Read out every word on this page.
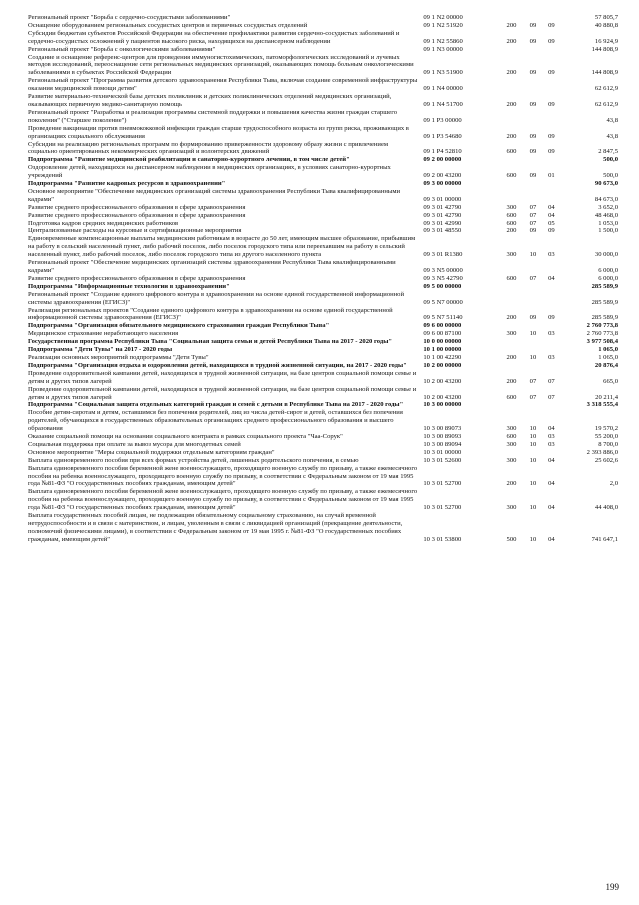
Региональный проект "Борьба с сердечно-сосудистыми заболеваниями"	09 1 N2 00000				57 805,7
Оснащение оборудованием региональных сосудистых центров и первичных сосудистых отделений	09 1 N2 51920	200	09	09	40 880,8
Субсидии бюджетам субъектов Российской Федерации на обеспечение профилактики развития сердечно-сосудистых заболеваний и сердечно-сосудистых осложнений у пациентов высокого риска, находящихся на диспансерном наблюдении	09 1 N2 55860	200	09	09	16 924,9
Региональный проект "Борьба с онкологическими заболеваниями"	09 1 N3 00000				144 808,9
Создание и оснащение референс-центров для проведения иммуногистохимических, патоморфологических исследований и лучевых методов исследований, переоснащение сети региональных медицинских организаций, оказывающих помощь больным онкологическими заболеваниями в субъектах Российской Федерации	09 1 N3 51900	200	09	09	144 808,9
Региональный проект "Программа развития детского здравоохранения Республики Тыва, включая создание современной инфраструктуры оказания медицинской помощи детям"	09 1 N4 00000				62 612,9
Развитие материально-технической базы детских поликлиник и детских поликлинических отделений медицинских организаций, оказывающих первичную медико-санитарную помощь	09 1 N4 51700	200	09	09	62 612,9
Региональный проект "Разработка и реализация программы системной поддержки и повышения качества жизни граждан старшего поколения" ("Старшее поколение")	09 1 P3 00000				43,8
Проведение вакцинации против пневмококковой инфекции граждан старше трудоспособного возраста из групп риска, проживающих в организациях социального обслуживания	09 1 P3 54680	200	09	09	43,8
Субсидии на реализацию региональных программ по формированию приверженности здоровому образу жизни с привлечением социально ориентированных некоммерческих организаций и волонтерских движений	09 1 P4 52810	600	09	09	2 847,5
Подпрограмма "Развитие медицинской реабилитации и санаторно-курортного лечения, в том числе детей"	09 2 00 00000				500,0
Оздоровление детей, находящихся на диспансерном наблюдении в медицинских организациях, в условиях санаторно-курортных учреждений	09 2 00 43200	600	09	01	500,0
Подпрограмма "Развитие кадровых ресурсов в здравоохранении"	09 3 00 00000				90 673,0
Основное мероприятие "Обеспечение медицинских организаций системы здравоохранения Республики Тыва квалифицированными кадрами"	09 3 01 00000				84 673,0
Развитие среднего профессионального образования в сфере здравоохранения	09 3 01 42790	300	07	04	3 652,0
Развитие среднего профессионального образования в сфере здравоохранения	09 3 01 42790	600	07	04	48 468,0
Подготовка кадров средних медицинских работников	09 3 01 42990	600	07	05	1 053,0
Централизованные расходы на курсовые и сертификационные мероприятия	09 3 01 48550	200	09	09	1 500,0
Единовременные компенсационные выплаты медицинским работникам в возрасте до 50 лет, имеющим высшее образование, прибывшим на работу в сельский населенный пункт, либо рабочий поселок, либо поселок городского типа или переехавшим на работу в сельский населенный пункт, либо рабочий поселок, либо поселок городского типа из другого населенного пункта	09 3 01 R1380	300	10	03	30 000,0
Региональный проект "Обеспечение медицинских организаций системы здравоохранения Республики Тыва квалифицированными кадрами"	09 3 N5 00000				6 000,0
Развитие среднего профессионального образования в сфере здравоохранения	09 3 N5 42790	600	07	04	6 000,0
Подпрограмма "Информационные технологии в здравоохранении"	09 5 00 00000				285 589,9
Региональный проект "Создание единого цифрового контура в здравоохранении на основе единой государственной информационной системы здравоохранения (ЕГИСЗ)"	09 5 N7 00000				285 589,9
Реализация региональных проектов "Создание единого цифрового контура в здравоохранении на основе единой государственной информационной системы здравоохранения (ЕГИСЗ)"	09 5 N7 51140	200	09	09	285 589,9
Подпрограмма "Организация обязательного медицинского страхования граждан Республики Тыва"	09 6 00 00000				2 760 773,8
Медицинское страхование неработающего населения	09 6 00 87100	300	10	03	2 760 773,8
Государственная программа Республики Тыва "Социальная защита семьи и детей Республики Тыва на 2017 - 2020 годы"	10 0 00 00000				3 977 508,4
Подпрограмма "Дети Тувы" на 2017 - 2020 годы	10 1 00 00000				1 065,0
Реализация основных мероприятий подпрограммы "Дети Тувы"	10 1 00 42290	200	10	03	1 065,0
Подпрограмма "Организация отдыха и оздоровления детей, находящихся в трудной жизненной ситуации, на 2017 - 2020 годы"	10 2 00 00000				20 876,4
Проведение оздоровительной кампании детей, находящихся в трудной жизненной ситуации, на базе центров социальной помощи семье и детям и других типов лагерей	10 2 00 43200	200	07	07	665,0
Проведение оздоровительной кампании детей, находящихся в трудной жизненной ситуации, на базе центров социальной помощи семье и детям и других типов лагерей	10 2 00 43200	600	07	07	20 211,4
Подпрограмма "Социальная защита отдельных категорий граждан и семей с детьми в Республике Тыва на 2017 - 2020 годы"	10 3 00 00000				3 318 555,4
Пособие детям-сиротам и детям, оставшимся без попечения родителей, лиц из числа детей-сирот и детей, оставшихся без попечения родителей, обучающихся в государственных образовательных организациях среднего профессионального образования и высшего образования	10 3 00 89073	300	10	04	19 570,2
Оказание социальной помощи на основании социального контракта в рамках социального проекта "Чаа-Сорук"	10 3 00 89093	600	10	03	55 200,0
Социальная поддержка при оплате за вывоз мусора для многодетных семей	10 3 00 89094	300	10	03	8 700,0
Основное мероприятие "Меры социальной поддержки отдельным категориям граждан"	10 3 01 00000				2 393 886,0
Выплата единовременного пособия при всех формах устройства детей, лишенных родительского попечения, в семью	10 3 01 52600	300	10	04	25 602,6
Выплата единовременного пособия беременной жене военнослужащего, проходящего военную службу по призыву, а также ежемесячного пособия на ребенка военнослужащего, проходящего военную службу по призыву, в соответствии с Федеральным законом от 19 мая 1995 года №81-ФЗ "О государственных пособиях гражданам, имеющим детей"	10 3 01 52700	200	10	04	2,0
Выплата единовременного пособия беременной жене военнослужащего, проходящего военную службу по призыву, а также ежемесячного пособия на ребенка военнослужащего, проходящего военную службу по призыву, в соответствии с Федеральным законом от 19 мая 1995 года №81-ФЗ "О государственных пособиях гражданам, имеющим детей"	10 3 01 52700	300	10	04	44 408,0
Выплата государственных пособий лицам, не подлежащим обязательному социальному страхованию, на случай временной нетрудоспособности и в связи с материнством, и лицам, уволенным в связи с ликвидацией организаций (прекращение деятельности, полномочий физическими лицами), в соответствии с Федеральным законом от 19 мая 1995 г. №81-ФЗ "О государственных пособиях гражданам, имеющим детей"	10 3 01 53800	500	10	04	741 647,1
199
